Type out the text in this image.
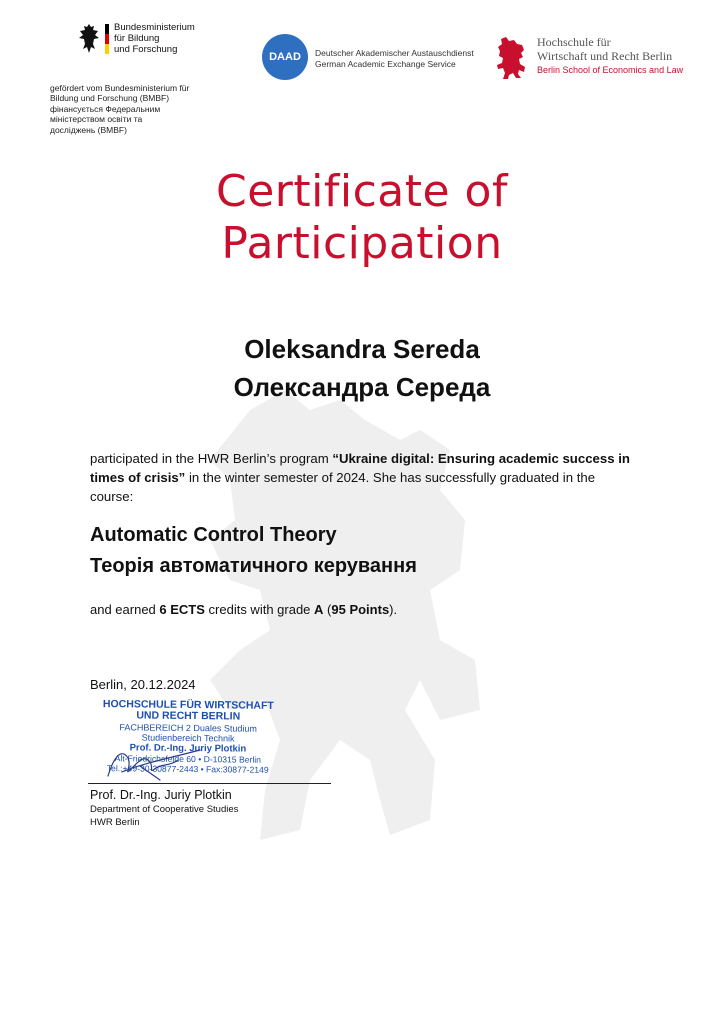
Bundesministerium
für Bildung
und Forschung
gefördert vom Bundesministerium für
Bildung und Forschung (BMBF)
фінансується Федеральним
міністерством освіти та
досліджень (BMBF)
DAAD	Deutscher Akademischer Austauschdienst
German Academic Exchange Service
Hochschule für
Wirtschaft und Recht Berlin
Berlin School of Economics and Law
Certificate of
Participation
Oleksandra Sereda
Олександра Середа
participated in the HWR Berlin’s program “Ukraine digital: Ensuring academic success in times of crisis” in the winter semester of 2024. She has successfully graduated in the course:
Automatic Control Theory
Теорія автоматичного керування
and earned 6 ECTS credits with grade A (95 Points).
Berlin, 20.12.2024
HOCHSCHULE FÜR WIRTSCHAFT
UND RECHT BERLIN
FACHBEREICH 2 Duales Studium
Studienbereich Technik
Prof. Dr.-Ing. Juriy Plotkin
Alt-Friedrichsfelde 60 • D-10315 Berlin
Tel.:+49-30-30877-2443 • Fax:30877-2149
Prof. Dr.-Ing. Juriy Plotkin
Department of Cooperative Studies
HWR Berlin
